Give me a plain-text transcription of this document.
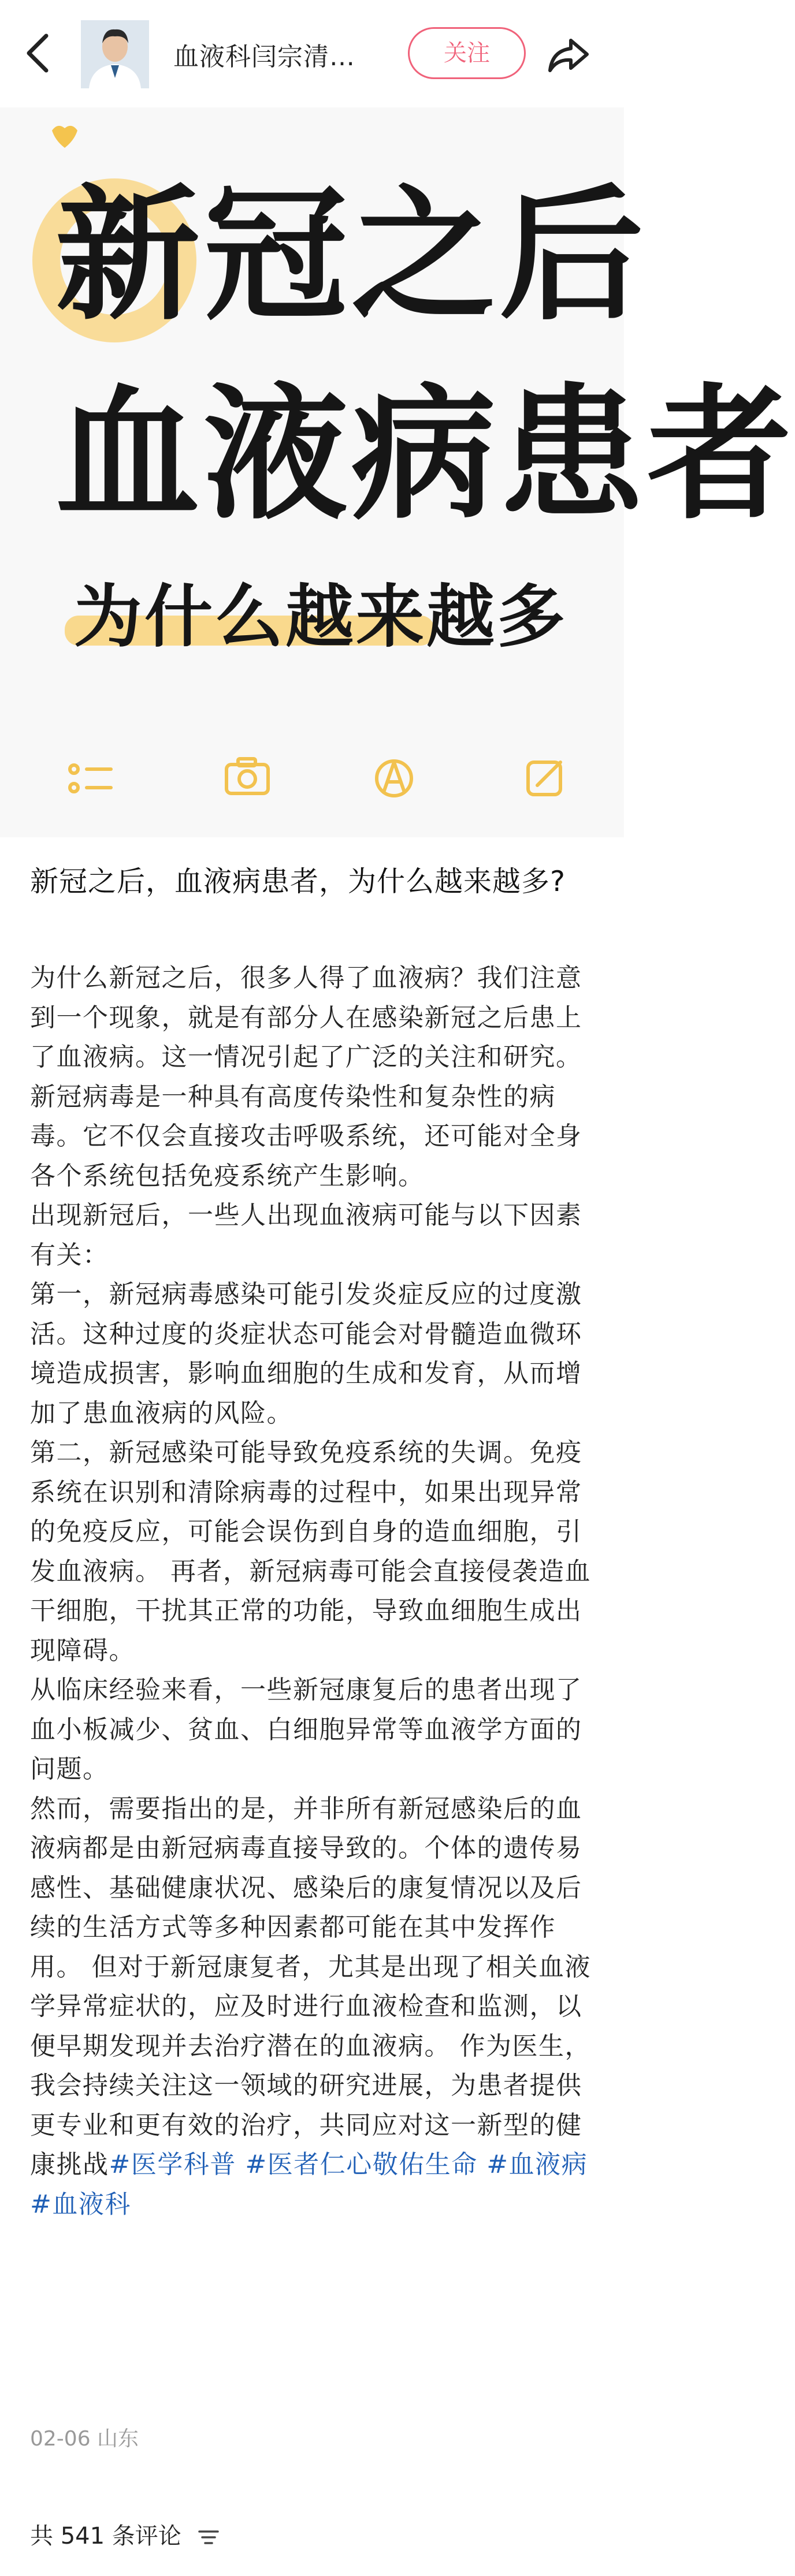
血液科闫宗清…	关注
新冠之后
血液病患者
为什么越来越多
新冠之后，血液病患者，为什么越来越多?

为什么新冠之后，很多人得了血液病？我们注意到一个现象，就是有部分人在感染新冠之后患上了血液病。这一情况引起了广泛的关注和研究。 新冠病毒是一种具有高度传染性和复杂性的病毒。它不仅会直接攻击呼吸系统，还可能对全身各个系统包括免疫系统产生影响。

出现新冠后，一些人出现血液病可能与以下因素有关：

第一，新冠病毒感染可能引发炎症反应的过度激活。这种过度的炎症状态可能会对骨髓造血微环境造成损害，影响血细胞的生成和发育，从而增加了患血液病的风险。

第二，新冠感染可能导致免疫系统的失调。免疫系统在识别和清除病毒的过程中，如果出现异常的免疫反应，可能会误伤到自身的造血细胞，引发血液病。 再者，新冠病毒可能会直接侵袭造血干细胞，干扰其正常的功能，导致血细胞生成出现障碍。

从临床经验来看，一些新冠康复后的患者出现了血小板减少、贫血、白细胞异常等血液学方面的问题。

然而，需要指出的是，并非所有新冠感染后的血液病都是由新冠病毒直接导致的。个体的遗传易感性、基础健康状况、感染后的康复情况以及后续的生活方式等多种因素都可能在其中发挥作用。 但对于新冠康复者，尤其是出现了相关血液学异常症状的，应及时进行血液检查和监测，以便早期发现并去治疗潜在的血液病。 作为医生，我会持续关注这一领域的研究进展，为患者提供更专业和更有效的治疗，共同应对这一新型的健康挑战#医学科普 #医者仁心敬佑生命 #血液病 #血液科

02-06 山东
共 541 条评论
